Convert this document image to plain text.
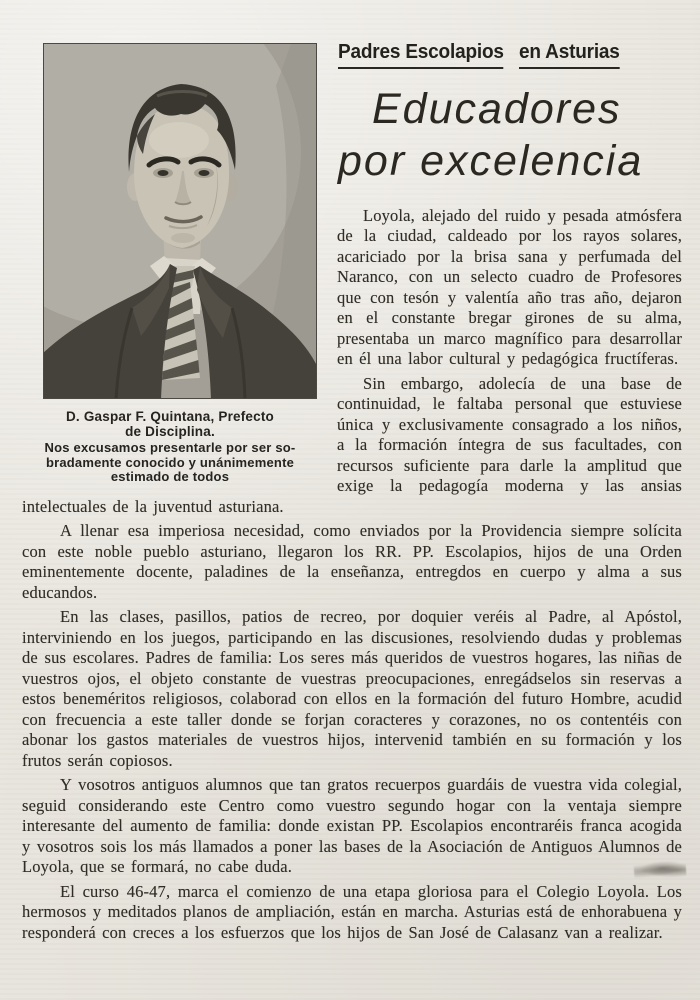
D. Gaspar F. Quintana, Prefecto
de Disciplina.
Nos excusamos presentarle por ser so-
bradamente conocido y unánimemente
estimado de todos
Padres Escolapios en Asturias
Educadores
por excelencia

Loyola, alejado del ruido y pesada atmósfera de la ciudad, caldeado por los rayos solares, acariciado por la brisa sana y perfumada del Naranco, con un selecto cuadro de Profesores que con tesón y valentía año tras año, dejaron en el constante bregar girones de su alma, presentaba un marco magnífico para desarrollar en él una labor cultural y pedagógica fructíferas.

Sin embargo, adolecía de una base de continuidad, le faltaba personal que estuviese única y exclusivamente consagrado a los niños, a la formación íntegra de sus facultades, con recursos suficiente para darle la amplitud que exige la pedagogía moderna y las ansias intelectuales de la juventud asturiana.

A llenar esa imperiosa necesidad, como enviados por la Providencia siempre solícita con este noble pueblo asturiano, llegaron los RR. PP. Escolapios, hijos de una Orden eminentemente docente, paladines de la enseñanza, entregdos en cuerpo y alma a sus educandos.

En las clases, pasillos, patios de recreo, por doquier veréis al Padre, al Apóstol, interviniendo en los juegos, participando en las discusiones, resolviendo dudas y problemas de sus escolares. Padres de familia: Los seres más queridos de vuestros hogares, las niñas de vuestros ojos, el objeto constante de vuestras preocupaciones, enregádselos sin reservas a estos beneméritos religiosos, colaborad con ellos en la formación del futuro Hombre, acudid con frecuencia a este taller donde se forjan coracteres y corazones, no os contentéis con abonar los gastos materiales de vuestros hijos, intervenid también en su formación y los frutos serán copiosos.

Y vosotros antiguos alumnos que tan gratos recuerpos guardáis de vuestra vida colegial, seguid considerando este Centro como vuestro segundo hogar con la ventaja siempre interesante del aumento de familia: donde existan PP. Escolapios encontraréis franca acogida y vosotros sois los más llamados a poner las bases de la Asociación de Antiguos Alumnos de Loyola, que se formará, no cabe duda.

El curso 46-47, marca el comienzo de una etapa gloriosa para el Colegio Loyola. Los hermosos y meditados planos de ampliación, están en marcha. Asturias está de enhorabuena y responderá con creces a los esfuerzos que los hijos de San José de Calasanz van a realizar.
